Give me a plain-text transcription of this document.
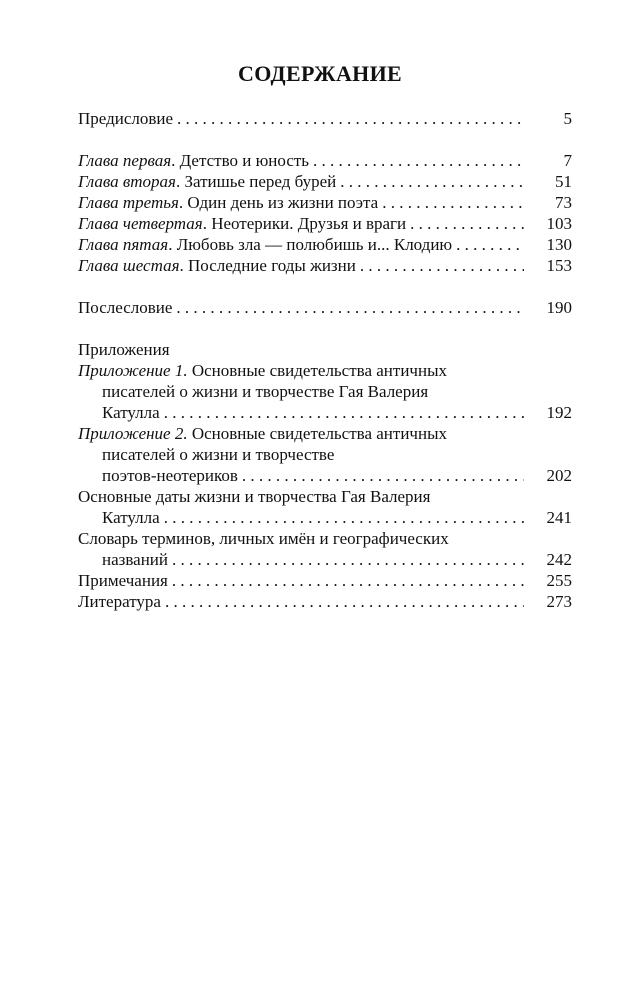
СОДЕРЖАНИЕ
Предисловие . . .	5
Глава первая. Детство и юность . . .	7
Глава вторая. Затишье перед бурей . . .	51
Глава третья. Один день из жизни поэта . . .	73
Глава четвертая. Неотерики. Друзья и враги . . .	103
Глава пятая. Любовь зла — полюбишь и... Клодию . . .	130
Глава шестая. Последние годы жизни . . .	153
Послесловие . . .	190
Приложения
Приложение 1. Основные свидетельства античных
писателей о жизни и творчестве Гая Валерия
Катулла . . .	192
Приложение 2. Основные свидетельства античных
писателей о жизни и творчестве
поэтов-неотериков . . .	202
Основные даты жизни и творчества Гая Валерия
Катулла . . .	241
Словарь терминов, личных имён и географических
названий . . .	242
Примечания . . .	255
Литература . . .	273
